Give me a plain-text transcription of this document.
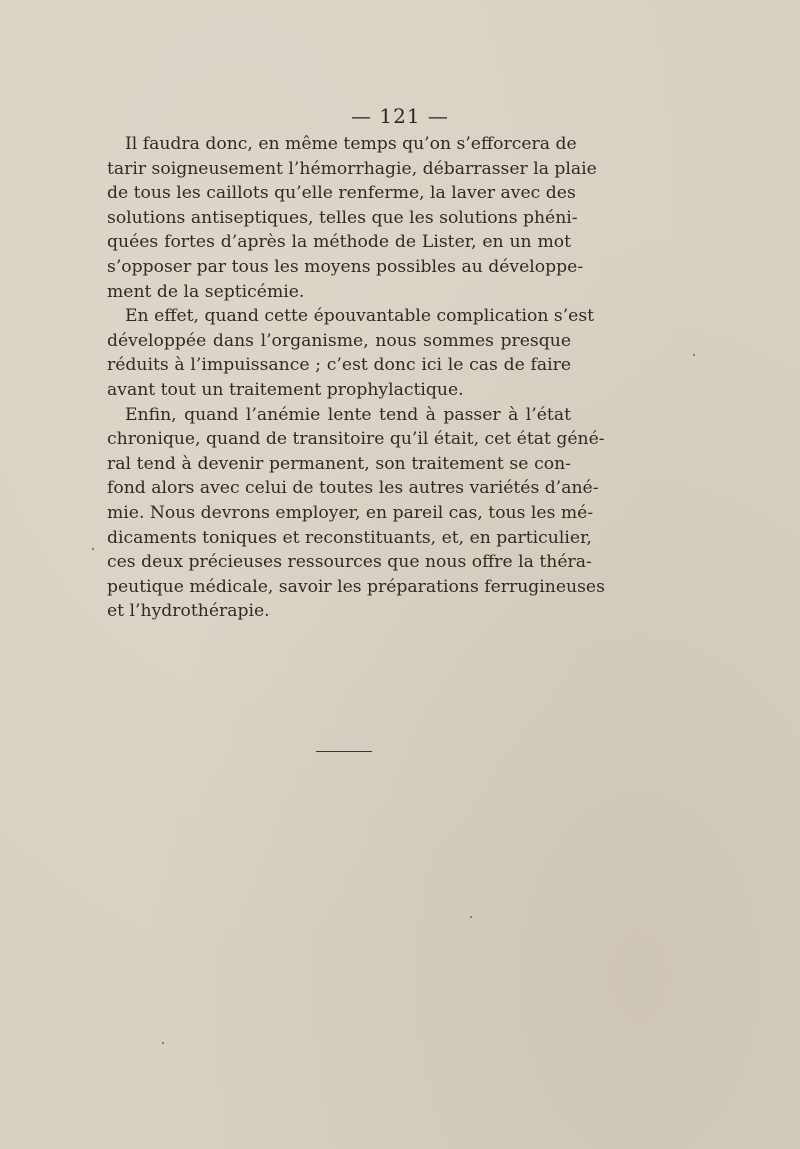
— 121 —

Il faudra donc, en même temps qu’on s’efforcera de
tarir soigneusement l’hémorrhagie, débarrasser la plaie
de tous les caillots qu’elle renferme, la laver avec des
solutions antiseptiques, telles que les solutions phéni-
quées fortes d’après la méthode de Lister, en un mot
s’opposer par tous les moyens possibles au développe-
ment de la septicémie.

En effet, quand cette épouvantable complication s’est
développée dans l’organisme, nous sommes presque
réduits à l’impuissance ; c’est donc ici le cas de faire
avant tout un traitement prophylactique.

Enfin, quand l’anémie lente tend à passer à l’état
chronique, quand de transitoire qu’il était, cet état géné-
ral tend à devenir permanent, son traitement se con-
fond alors avec celui de toutes les autres variétés d’ané-
mie. Nous devrons employer, en pareil cas, tous les mé-
dicaments toniques et reconstituants, et, en particulier,
ces deux précieuses ressources que nous offre la théra-
peutique médicale, savoir les préparations ferrugineuses
et l’hydrothérapie.
